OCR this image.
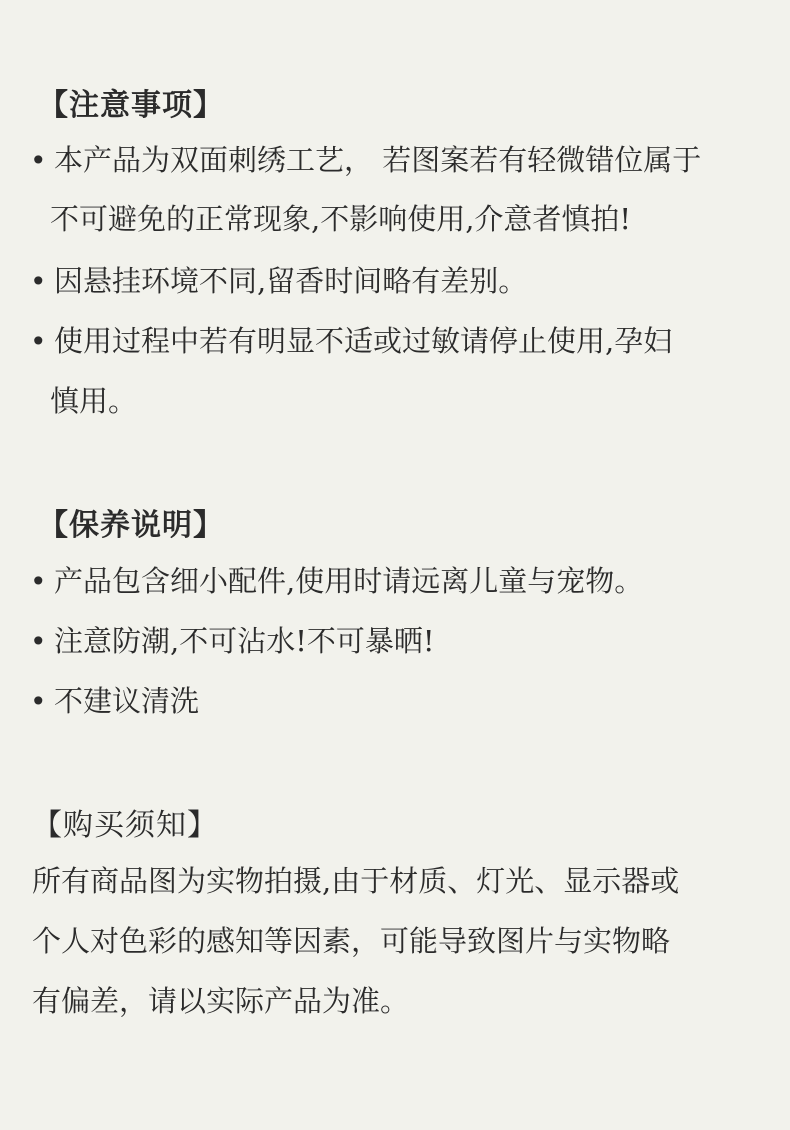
【注意事项】
• 本产品为双面刺绣工艺， 若图案若有轻微错位属于
不可避免的正常现象,不影响使用,介意者慎拍!
• 因悬挂环境不同,留香时间略有差别。
• 使用过程中若有明显不适或过敏请停止使用,孕妇
慎用。
【保养说明】
• 产品包含细小配件,使用时请远离儿童与宠物。
• 注意防潮,不可沾水!不可暴晒!
• 不建议清洗
【购买须知】
所有商品图为实物拍摄,由于材质、灯光、显示器或
个人对色彩的感知等因素，可能导致图片与实物略
有偏差，请以实际产品为准。
